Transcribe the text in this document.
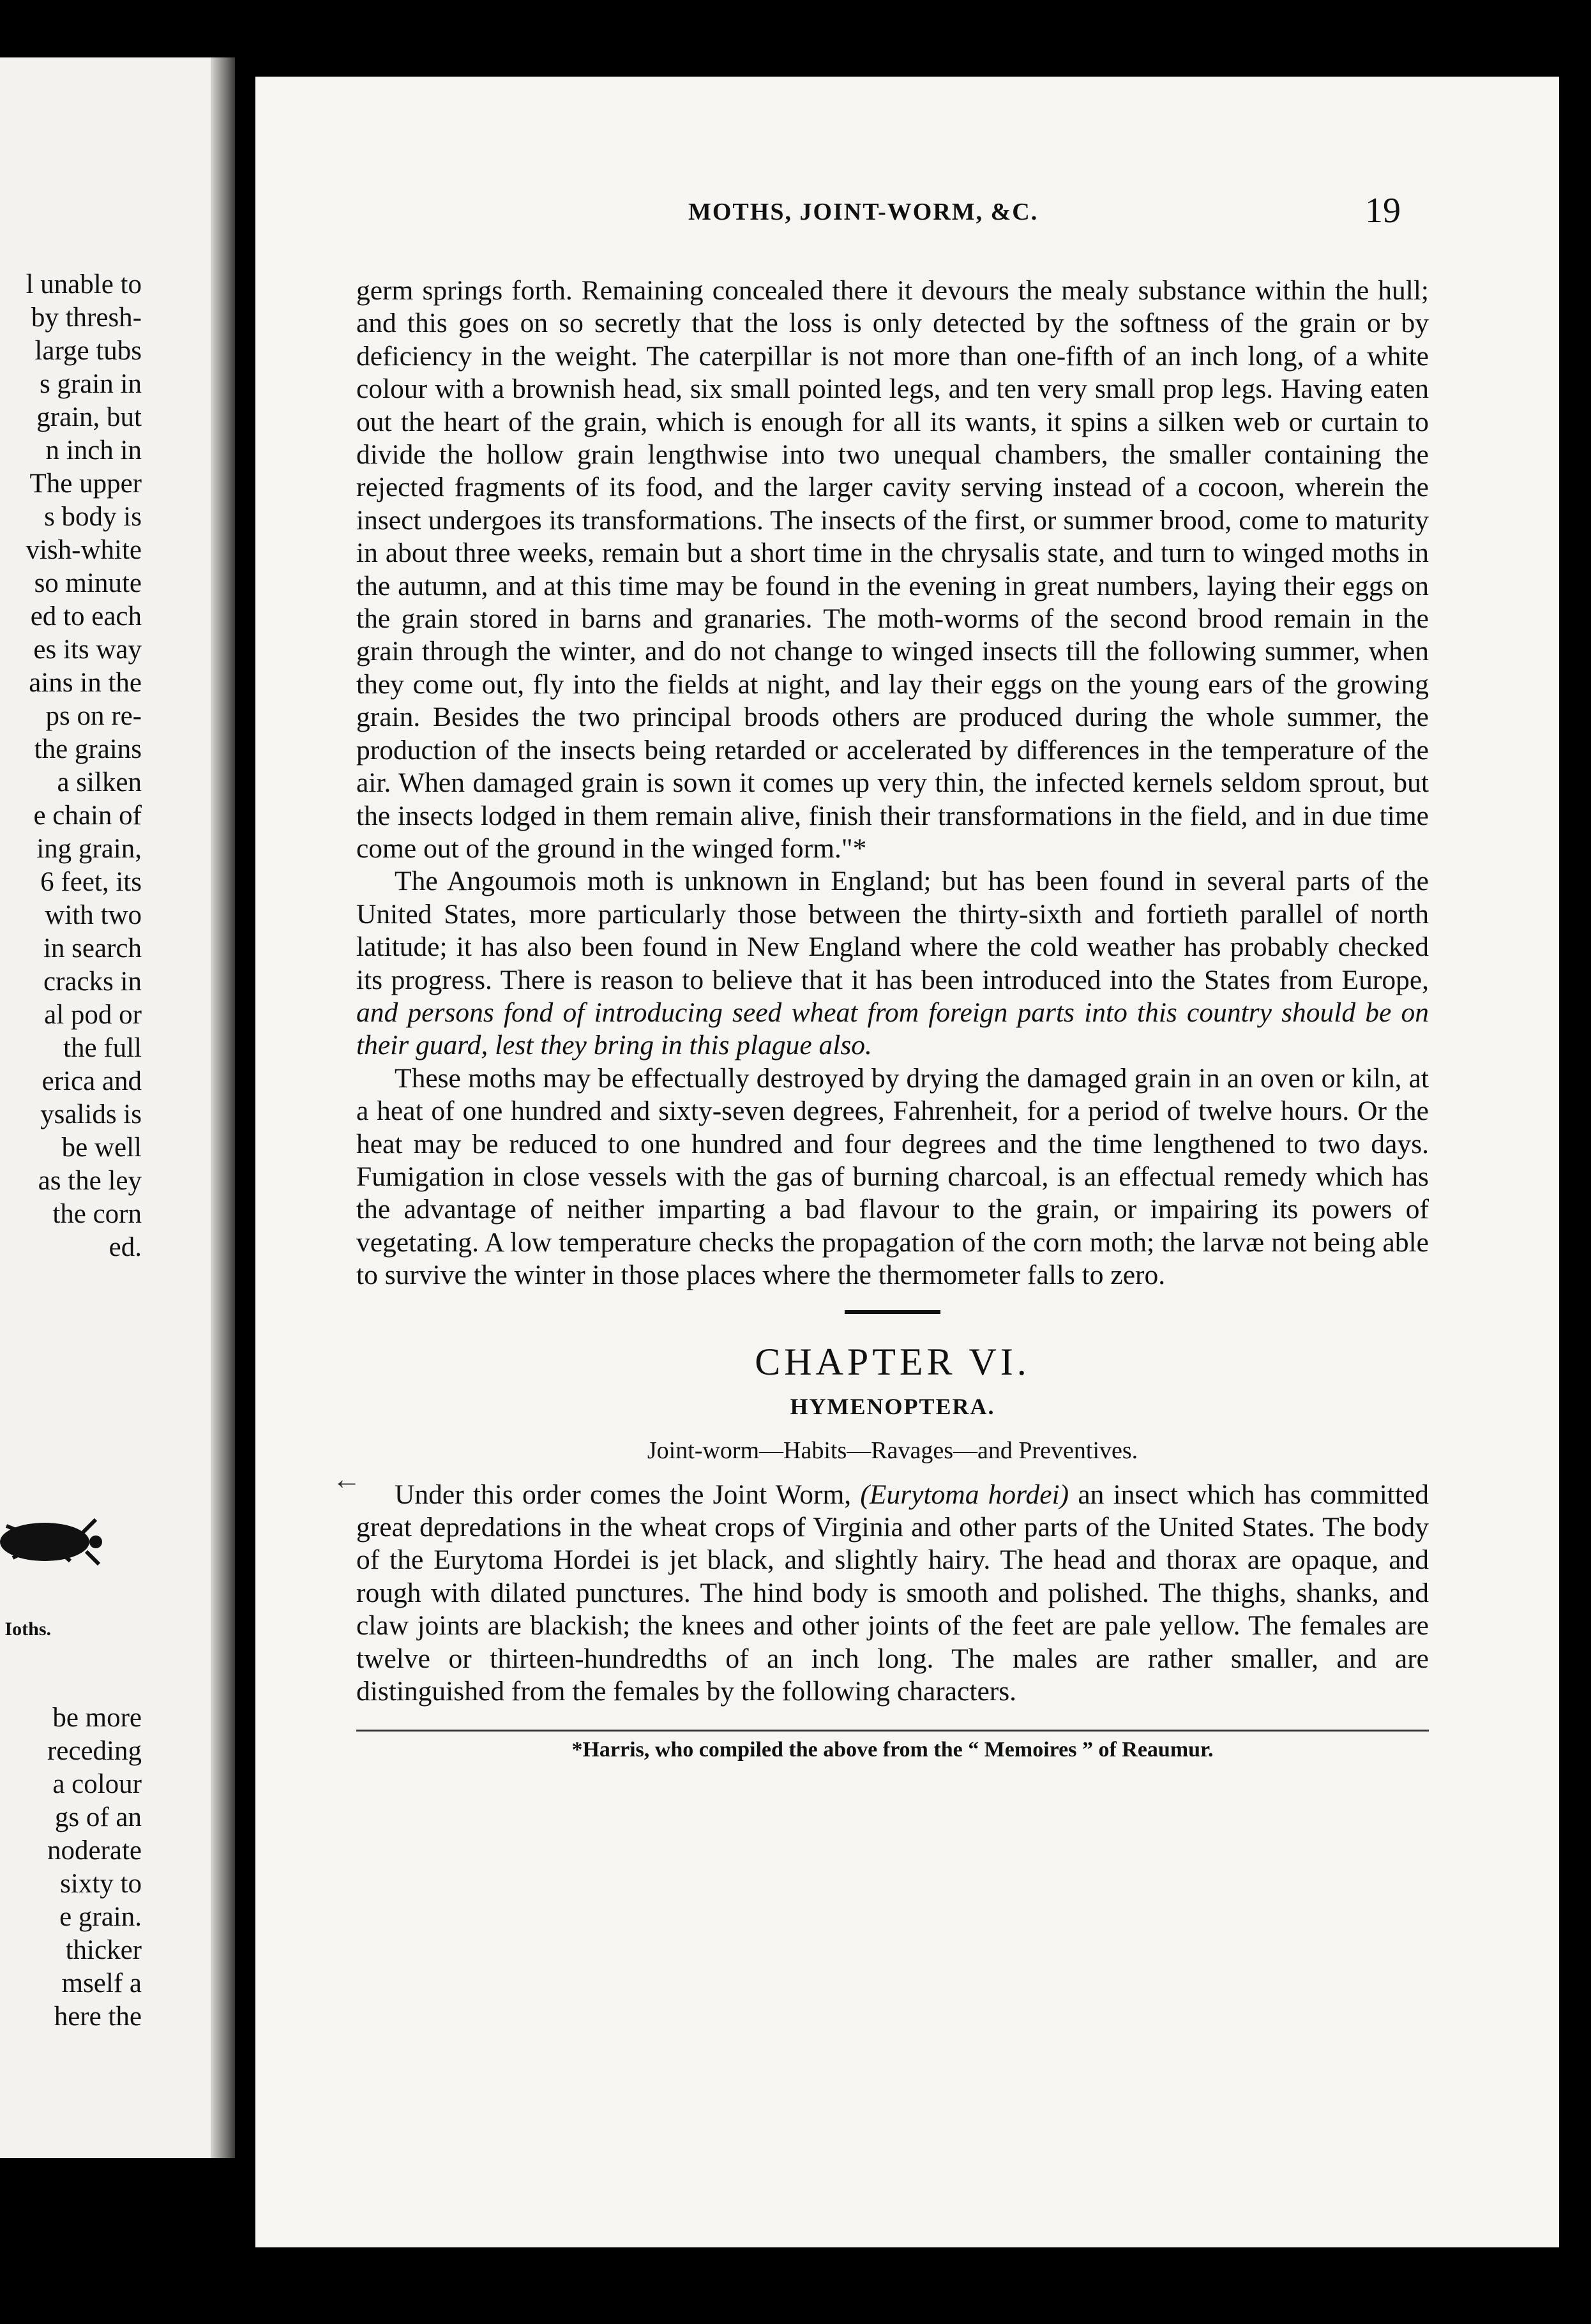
l unable to
by thresh-
large tubs
s grain in
grain, but
n inch in
The upper
s body is
vish-white
so minute
ed to each
es its way
ains in the
ps on re-
the grains
a silken
e chain of
ing grain,
6 feet, its
with two
in search
cracks in
al pod or
the full
erica and
ysalids is
be well
as the ley
the corn
ed.
Ioths.
be more
receding
a colour
gs of an
noderate
sixty to
e grain.
thicker
mself a
here the
←
MOTHS, JOINT-WORM, &C.	19

germ springs forth. Remaining concealed there it devours the mealy substance within the hull; and this goes on so secretly that the loss is only detected by the softness of the grain or by deficiency in the weight. The caterpillar is not more than one-fifth of an inch long, of a white colour with a brownish head, six small pointed legs, and ten very small prop legs. Having eaten out the heart of the grain, which is enough for all its wants, it spins a silken web or curtain to divide the hollow grain lengthwise into two unequal chambers, the smaller containing the rejected fragments of its food, and the larger cavity serving instead of a cocoon, wherein the insect undergoes its transformations. The insects of the first, or summer brood, come to maturity in about three weeks, remain but a short time in the chrysalis state, and turn to winged moths in the autumn, and at this time may be found in the evening in great numbers, laying their eggs on the grain stored in barns and granaries. The moth-worms of the second brood remain in the grain through the winter, and do not change to winged insects till the following summer, when they come out, fly into the fields at night, and lay their eggs on the young ears of the growing grain. Besides the two principal broods others are produced during the whole summer, the production of the insects being retarded or accelerated by differences in the temperature of the air. When damaged grain is sown it comes up very thin, the infected kernels seldom sprout, but the insects lodged in them remain alive, finish their transformations in the field, and in due time come out of the ground in the winged form."*

The Angoumois moth is unknown in England; but has been found in several parts of the United States, more particularly those between the thirty-sixth and fortieth parallel of north latitude; it has also been found in New England where the cold weather has probably checked its progress. There is reason to believe that it has been introduced into the States from Europe, and persons fond of introducing seed wheat from foreign parts into this country should be on their guard, lest they bring in this plague also.

These moths may be effectually destroyed by drying the damaged grain in an oven or kiln, at a heat of one hundred and sixty-seven degrees, Fahrenheit, for a period of twelve hours. Or the heat may be reduced to one hundred and four degrees and the time lengthened to two days. Fumigation in close vessels with the gas of burning charcoal, is an effectual remedy which has the advantage of neither imparting a bad flavour to the grain, or impairing its powers of vegetating. A low temperature checks the propagation of the corn moth; the larvæ not being able to survive the winter in those places where the thermometer falls to zero.

CHAPTER VI.
HYMENOPTERA.
Joint-worm—Habits—Ravages—and Preventives.

Under this order comes the Joint Worm, (Eurytoma hordei) an insect which has committed great depredations in the wheat crops of Virginia and other parts of the United States. The body of the Eurytoma Hordei is jet black, and slightly hairy. The head and thorax are opaque, and rough with dilated punctures. The hind body is smooth and polished. The thighs, shanks, and claw joints are blackish; the knees and other joints of the feet are pale yellow. The females are twelve or thirteen-hundredths of an inch long. The males are rather smaller, and are distinguished from the females by the following characters.

*Harris, who compiled the above from the “ Memoires ” of Reaumur.
